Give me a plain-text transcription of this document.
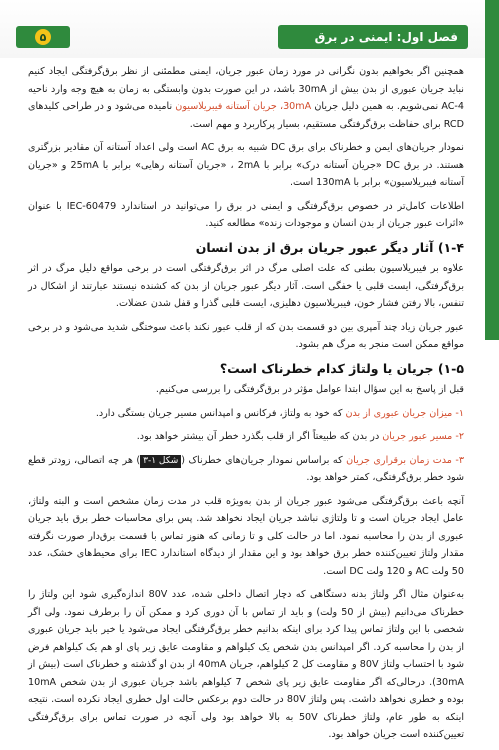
۵	فصل اول: ایمنی در برق

همچنین اگر بخواهیم بدون نگرانی در مورد زمان عبور جریان، ایمنی مطمئنی از نظر برق‌گرفتگی ایجاد کنیم نباید جریان عبوری از بدن بیش از 30mA باشد، در این صورت بدون وابستگی به زمان به هیچ وجه وارد ناحیه AC-4 نمی‌شویم. به همین دلیل جریان 30mA، جریان آستانه فیبریلاسیون نامیده می‌شود و در طراحی کلیدهای RCD برای حفاظت برق‌گرفتگی مستقیم، بسیار پرکاربرد و مهم است.

نمودار جریان‌های ایمن و خطرناک برای برق DC شبیه به برق AC است ولی اعداد آستانه آن مقادیر بزرگتری هستند. در برق DC «جریان آستانه درک» برابر با 2mA ، «جریان آستانه رهایی» برابر با 25mA و «جریان آستانه فیبریلاسیون» برابر با 130mA است.

اطلاعات کامل‌تر در خصوص برق‌گرفتگی و ایمنی در برق را می‌توانید در استاندارد IEC-60479 با عنوان «اثرات عبور جریان از بدن انسان و موجودات زنده» مطالعه کنید.

۱-۴) آثار دیگر عبور جریان برق از بدن انسان

علاوه بر فیبریلاسیون بطنی که علت اصلی مرگ در اثر برق‌گرفتگی است در برخی مواقع دلیل مرگ در اثر برق‌گرفتگی، ایست قلبی یا خفگی است. آثار دیگر عبور جریان از بدن که کشنده نیستند عبارتند از اشکال در تنفس، بالا رفتن فشار خون، فیبریلاسیون دهلیزی، ایست قلبی گذرا و قفل شدن عضلات.

عبور جریان زیاد چند آمپری بین دو قسمت بدن که از قلب عبور نکند باعث سوختگی شدید می‌شود و در برخی مواقع ممکن است منجر به مرگ هم بشود.

۱-۵) جریان یا ولتاژ کدام خطرناک است؟

قبل از پاسخ به این سؤال ابتدا عوامل مؤثر در برق‌گرفتگی را بررسی می‌کنیم.

۱- میزان جریان عبوری از بدن که خود به ولتاژ، فرکانس و امپدانس مسیر جریان بستگی دارد.

۲- مسیر عبور جریان در بدن که طبیعتاً اگر از قلب بگذرد خطر آن بیشتر خواهد بود.

۳- مدت زمان برقراری جریان که براساس نمودار جریان‌های خطرناک (شکل ۱-۳) هر چه اتصالی، زودتر قطع شود خطر برق‌گرفتگی، کمتر خواهد بود.

آنچه باعث برق‌گرفتگی می‌شود عبور جریان از بدن به‌ویژه قلب در مدت زمان مشخص است و البته ولتاژ، عامل ایجاد جریان است و تا ولتاژی نباشد جریان ایجاد نخواهد شد. پس برای محاسبات خطر برق باید جریان عبوری از بدن را محاسبه نمود. اما در حالت کلی و تا زمانی که هنوز تماس با قسمت برق‌دار صورت نگرفته مقدار ولتاژ تعیین‌کننده خطر برق خواهد بود و این مقدار از دیدگاه استاندارد IEC برای محیط‌های خشک، عدد 50 ولت AC و 120 ولت DC است.

به‌عنوان مثال اگر ولتاژ بدنه دستگاهی که دچار اتصال داخلی شده، عدد 80V اندازه‌گیری شود این ولتاژ را خطرناک می‌دانیم (بیش از 50 ولت) و باید از تماس با آن دوری کرد و ممکن آن را برطرف نمود. ولی اگر شخصی با این ولتاژ تماس پیدا کرد برای اینکه بدانیم خطر برق‌گرفتگی ایجاد می‌شود یا خیر باید جریان عبوری از بدن را محاسبه کرد. اگر امپدانس بدن شخص یک کیلواهم و مقاومت عایق زیر پای او هم یک کیلواهم فرض شود با احتساب ولتاژ 80V و مقاومت کل 2 کیلواهم، جریان 40mA از بدن او گذشته و خطرناک است (بیش از 30mA). درحالی‌که اگر مقاومت عایق زیر پای شخص 7 کیلواهم باشد جریان عبوری از بدن شخص 10mA بوده و خطری نخواهد داشت. پس ولتاژ 80V در حالت دوم برعکس حالت اول خطری ایجاد نکرده است. نتیجه اینکه به طور عام، ولتاژ خطرناک 50V به بالا خواهد بود ولی آنچه در صورت تماس برای برق‌گرفتگی تعیین‌کننده است جریان خواهد بود.
